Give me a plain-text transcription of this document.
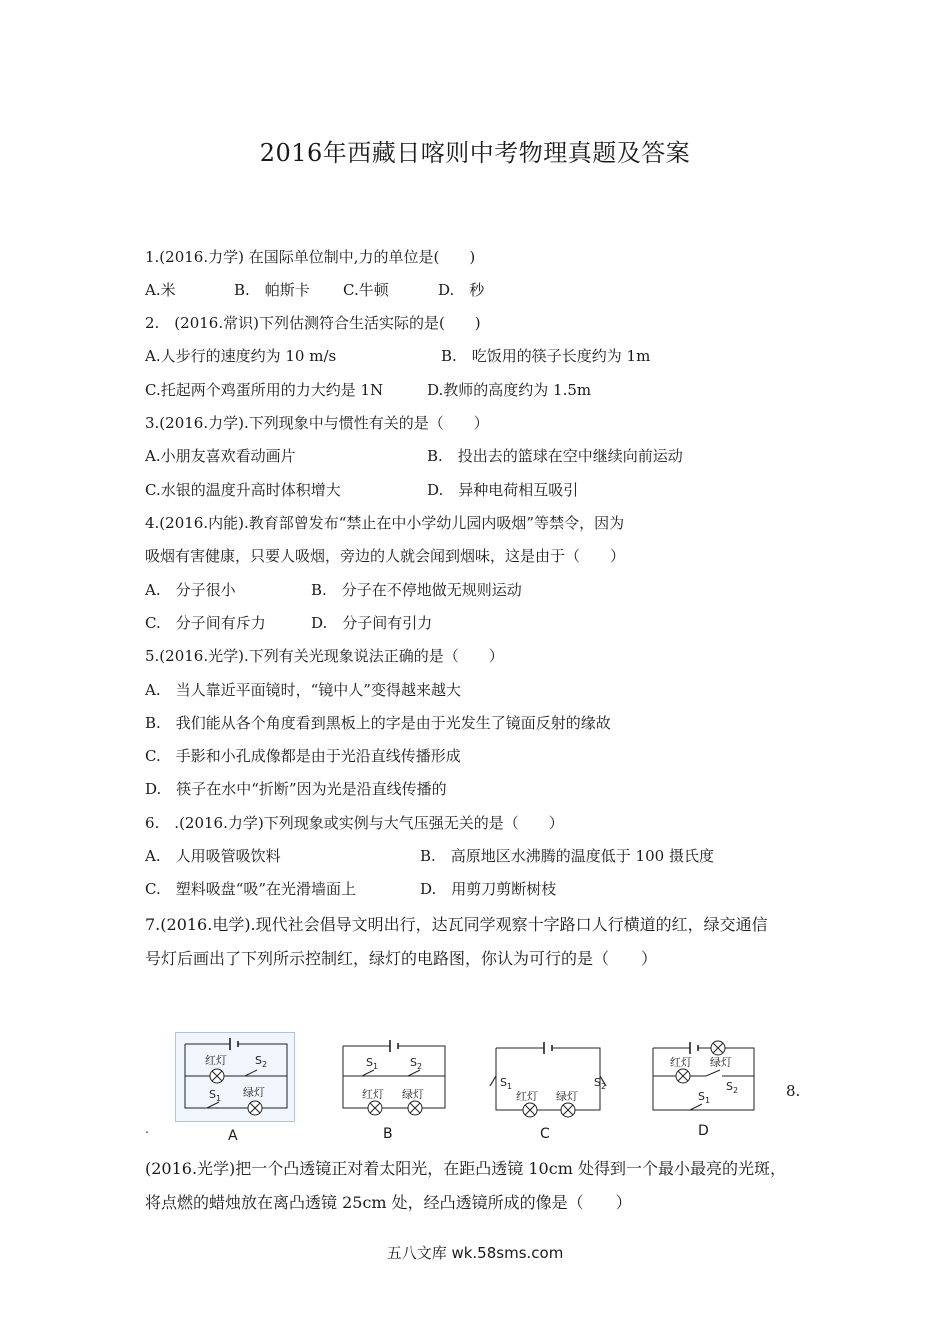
2016年西藏日喀则中考物理真题及答案
1.(2016.力学) 在国际单位制中,力的单位是(　　)
A.米	B.　帕斯卡 C.牛顿	D.　秒
2.　(2016.常识)下列估测符合生活实际的是(　　)
A.人步行的速度约为 10 m/s	B.　吃饭用的筷子长度约为 1m
C.托起两个鸡蛋所用的力大约是 1N	D.教师的高度约为 1.5m
3.(2016.力学).下列现象中与惯性有关的是（　　）
A.小朋友喜欢看动画片	B.　投出去的篮球在空中继续向前运动
C.水银的温度升高时体积增大	D.　异种电荷相互吸引
4.(2016.内能).教育部曾发布“禁止在中小学幼儿园内吸烟”等禁令，因为
吸烟有害健康，只要人吸烟，旁边的人就会闻到烟味，这是由于（　　）
A.　分子很小	B.　分子在不停地做无规则运动
C.　分子间有斥力	D.　分子间有引力
5.(2016.光学).下列有关光现象说法正确的是（　　）
A.　当人靠近平面镜时，“镜中人”变得越来越大
B.　我们能从各个角度看到黑板上的字是由于光发生了镜面反射的缘故
C.　手影和小孔成像都是由于光沿直线传播形成
D.　筷子在水中“折断”因为光是沿直线传播的
6.　.(2016.力学)下列现象或实例与大气压强无关的是（　　）
A.　人用吸管吸饮料	B.　高原地区水沸腾的温度低于 100 摄氏度
C.　塑料吸盘“吸”在光滑墙面上	D.　用剪刀剪断树枝
7.(2016.电学).现代社会倡导文明出行，达瓦同学观察十字路口人行横道的红，绿交通信
号灯后画出了下列所示控制红，绿灯的电路图，你认为可行的是（　　）
红灯	$S_2$
$S_1$ 绿灯
A
$S_1$	$S_2$
红灯 绿灯
B
$S_1$	$S_2$
红灯 绿灯
C
红灯 绿灯
$S_2$
$S_1$
D
8.
.
(2016.光学)把一个凸透镜正对着太阳光，在距凸透镜 10cm 处得到一个最小最亮的光斑，
将点燃的蜡烛放在离凸透镜 25cm 处，经凸透镜所成的像是（　　）
五八文库 wk.58sms.com
